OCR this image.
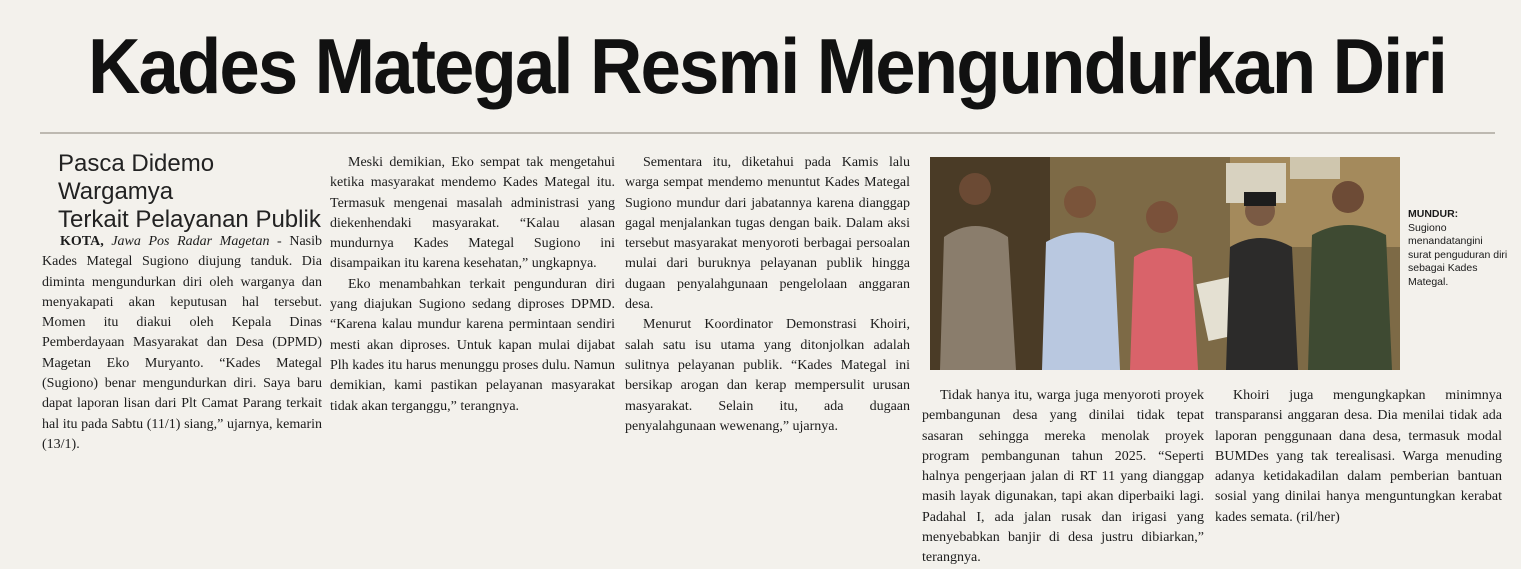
Kades Mategal Resmi Mengundurkan Diri
Pasca Didemo Wargamya
Terkait Pelayanan Publik

KOTA, Jawa Pos Radar Magetan - Nasib Kades Mategal Sugiono diujung tanduk. Dia diminta mengundurkan diri oleh warganya dan menyakapati akan keputusan hal tersebut. Momen itu diakui oleh Kepala Dinas Pemberdayaan Masyarakat dan Desa (DPMD) Magetan Eko Muryanto. “Kades Mategal (Sugiono) benar mengundurkan diri. Saya baru dapat laporan lisan dari Plt Camat Parang terkait hal itu pada Sabtu (11/1) siang,” ujarnya, kemarin (13/1).

Meski demikian, Eko sempat tak mengetahui ketika masyarakat mendemo Kades Mategal itu. Termasuk mengenai masalah administrasi yang diekenhendaki masyarakat. “Kalau alasan mundurnya Kades Mategal Sugiono ini disampaikan itu karena kesehatan,” ungkapnya.

Eko menambahkan terkait pengunduran diri yang diajukan Sugiono sedang diproses DPMD. “Karena kalau mundur karena permintaan sendiri mesti akan diproses. Untuk kapan mulai dijabat Plh kades itu harus menunggu proses dulu. Namun demikian, kami pastikan pelayanan masyarakat tidak akan terganggu,” terangnya.

Sementara itu, diketahui pada Kamis lalu warga sempat mendemo menuntut Kades Mategal Sugiono mundur dari jabatannya karena dianggap gagal menjalankan tugas dengan baik. Dalam aksi tersebut masyarakat menyoroti berbagai persoalan mulai dari buruknya pelayanan publik hingga dugaan penyalahgunaan pengelolaan anggaran desa.

Menurut Koordinator Demonstrasi Khoiri, salah satu isu utama yang ditonjolkan adalah sulitnya pelayanan publik. “Kades Mategal ini bersikap arogan dan kerap mempersulit urusan masyarakat. Selain itu, ada dugaan penyalahgunaan wewenang,” ujarnya.

Tidak hanya itu, warga juga menyoroti proyek pembangunan desa yang dinilai tidak tepat sasaran sehingga mereka menolak proyek program pembangunan tahun 2025. “Seperti halnya pengerjaan jalan di RT 11 yang dianggap masih layak digunakan, tapi akan diperbaiki lagi. Padahal I, ada jalan rusak dan irigasi yang menyebabkan banjir di desa justru dibiarkan,” terangnya.

Khoiri juga mengungkapkan minimnya transparansi anggaran desa. Dia menilai tidak ada laporan penggunaan dana desa, termasuk modal BUMDes yang tak terealisasi. Warga menuding adanya ketidakadilan dalam pemberian bantuan sosial yang dinilai hanya menguntungkan kerabat kades semata. (ril/her)

MUNDUR:
Sugiono menandatangini surat penguduran diri sebagai Kades Mategal.
